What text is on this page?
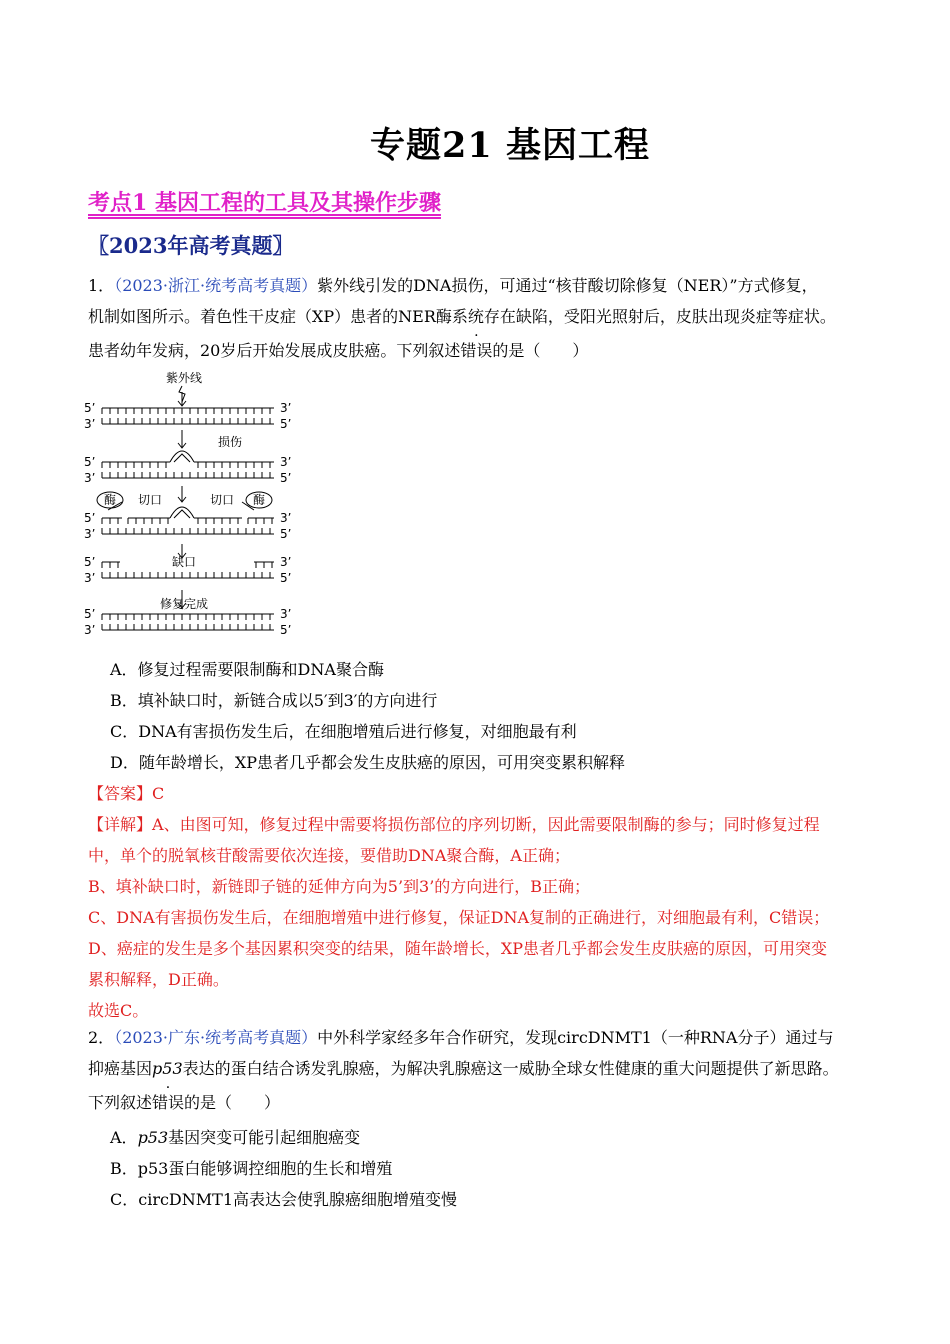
专题21 基因工程
考点1 基因工程的工具及其操作步骤
〖2023年高考真题〗
1．（2023·浙江·统考高考真题）紫外线引发的DNA损伤，可通过“核苷酸切除修复（NER）”方式修复，
机制如图所示。着色性干皮症（XP）患者的NER酶系统存在缺陷，受阳光照射后，皮肤出现炎症等症状。
患者幼年发病，20岁后开始发展成皮肤癌。下列叙述错误的是（　　）
紫外线
损伤
酶 切口	切口 酶
缺口
修复完成
5’	3’
3’	5’
5’	3’
3’	5’
5’	3’
3’	5’
5’	3’
3’	5’
5’	3’
3’	5’
A．修复过程需要限制酶和DNA聚合酶
B．填补缺口时，新链合成以5′到3′的方向进行
C．DNA有害损伤发生后，在细胞增殖后进行修复，对细胞最有利
D．随年龄增长，XP患者几乎都会发生皮肤癌的原因，可用突变累积解释
【答案】C
【详解】A、由图可知，修复过程中需要将损伤部位的序列切断，因此需要限制酶的参与；同时修复过程
中，单个的脱氧核苷酸需要依次连接，要借助DNA聚合酶，A正确；
B、填补缺口时，新链即子链的延伸方向为5’到3’的方向进行，B正确；
C、DNA有害损伤发生后，在细胞增殖中进行修复，保证DNA复制的正确进行，对细胞最有利，C错误；
D、癌症的发生是多个基因累积突变的结果，随年龄增长，XP患者几乎都会发生皮肤癌的原因，可用突变
累积解释，D正确。
故选C。
2．（2023·广东·统考高考真题）中外科学家经多年合作研究，发现circDNMT1（一种RNA分子）通过与
抑癌基因p53表达的蛋白结合诱发乳腺癌，为解决乳腺癌这一威胁全球女性健康的重大问题提供了新思路。
下列叙述错误的是（　　）
A．p53基因突变可能引起细胞癌变
B．p53蛋白能够调控细胞的生长和增殖
C．circDNMT1高表达会使乳腺癌细胞增殖变慢
